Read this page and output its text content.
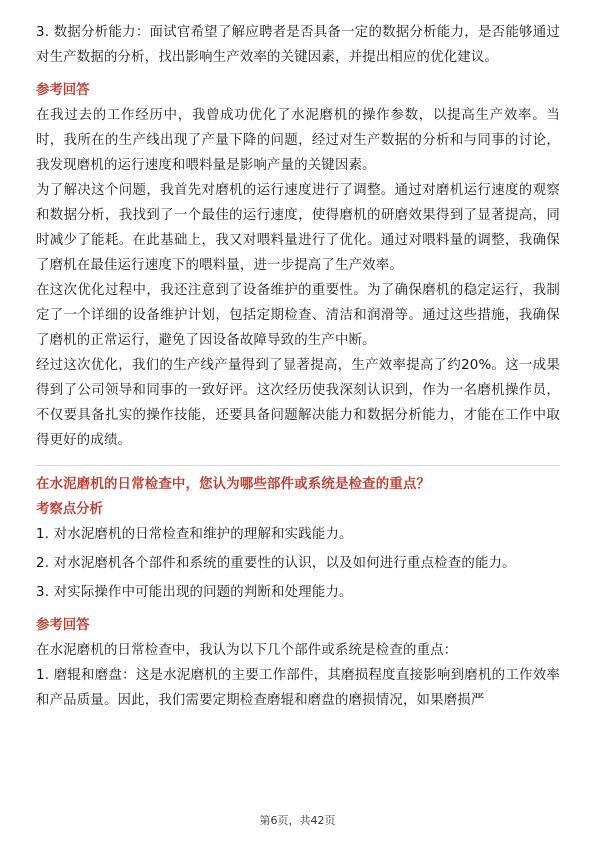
3. 数据分析能力：面试官希望了解应聘者是否具备一定的数据分析能力，是否能够通过对生产数据的分析，找出影响生产效率的关键因素，并提出相应的优化建议。

参考回答

在我过去的工作经历中，我曾成功优化了水泥磨机的操作参数，以提高生产效率。当时，我所在的生产线出现了产量下降的问题，经过对生产数据的分析和与同事的讨论，我发现磨机的运行速度和喂料量是影响产量的关键因素。

为了解决这个问题，我首先对磨机的运行速度进行了调整。通过对磨机运行速度的观察和数据分析，我找到了一个最佳的运行速度，使得磨机的研磨效果得到了显著提高，同时减少了能耗。在此基础上，我又对喂料量进行了优化。通过对喂料量的调整，我确保了磨机在最佳运行速度下的喂料量，进一步提高了生产效率。

在这次优化过程中，我还注意到了设备维护的重要性。为了确保磨机的稳定运行，我制定了一个详细的设备维护计划，包括定期检查、清洁和润滑等。通过这些措施，我确保了磨机的正常运行，避免了因设备故障导致的生产中断。

经过这次优化，我们的生产线产量得到了显著提高，生产效率提高了约20%。这一成果得到了公司领导和同事的一致好评。这次经历使我深刻认识到，作为一名磨机操作员，不仅要具备扎实的操作技能，还要具备问题解决能力和数据分析能力，才能在工作中取得更好的成绩。

在水泥磨机的日常检查中，您认为哪些部件或系统是检查的重点？

考察点分析

1. 对水泥磨机的日常检查和维护的理解和实践能力。

2. 对水泥磨机各个部件和系统的重要性的认识，以及如何进行重点检查的能力。

3. 对实际操作中可能出现的问题的判断和处理能力。

参考回答

在水泥磨机的日常检查中，我认为以下几个部件或系统是检查的重点：

1. 磨辊和磨盘：这是水泥磨机的主要工作部件，其磨损程度直接影响到磨机的工作效率和产品质量。因此，我们需要定期检查磨辊和磨盘的磨损情况，如果磨损严

第6页，共42页
